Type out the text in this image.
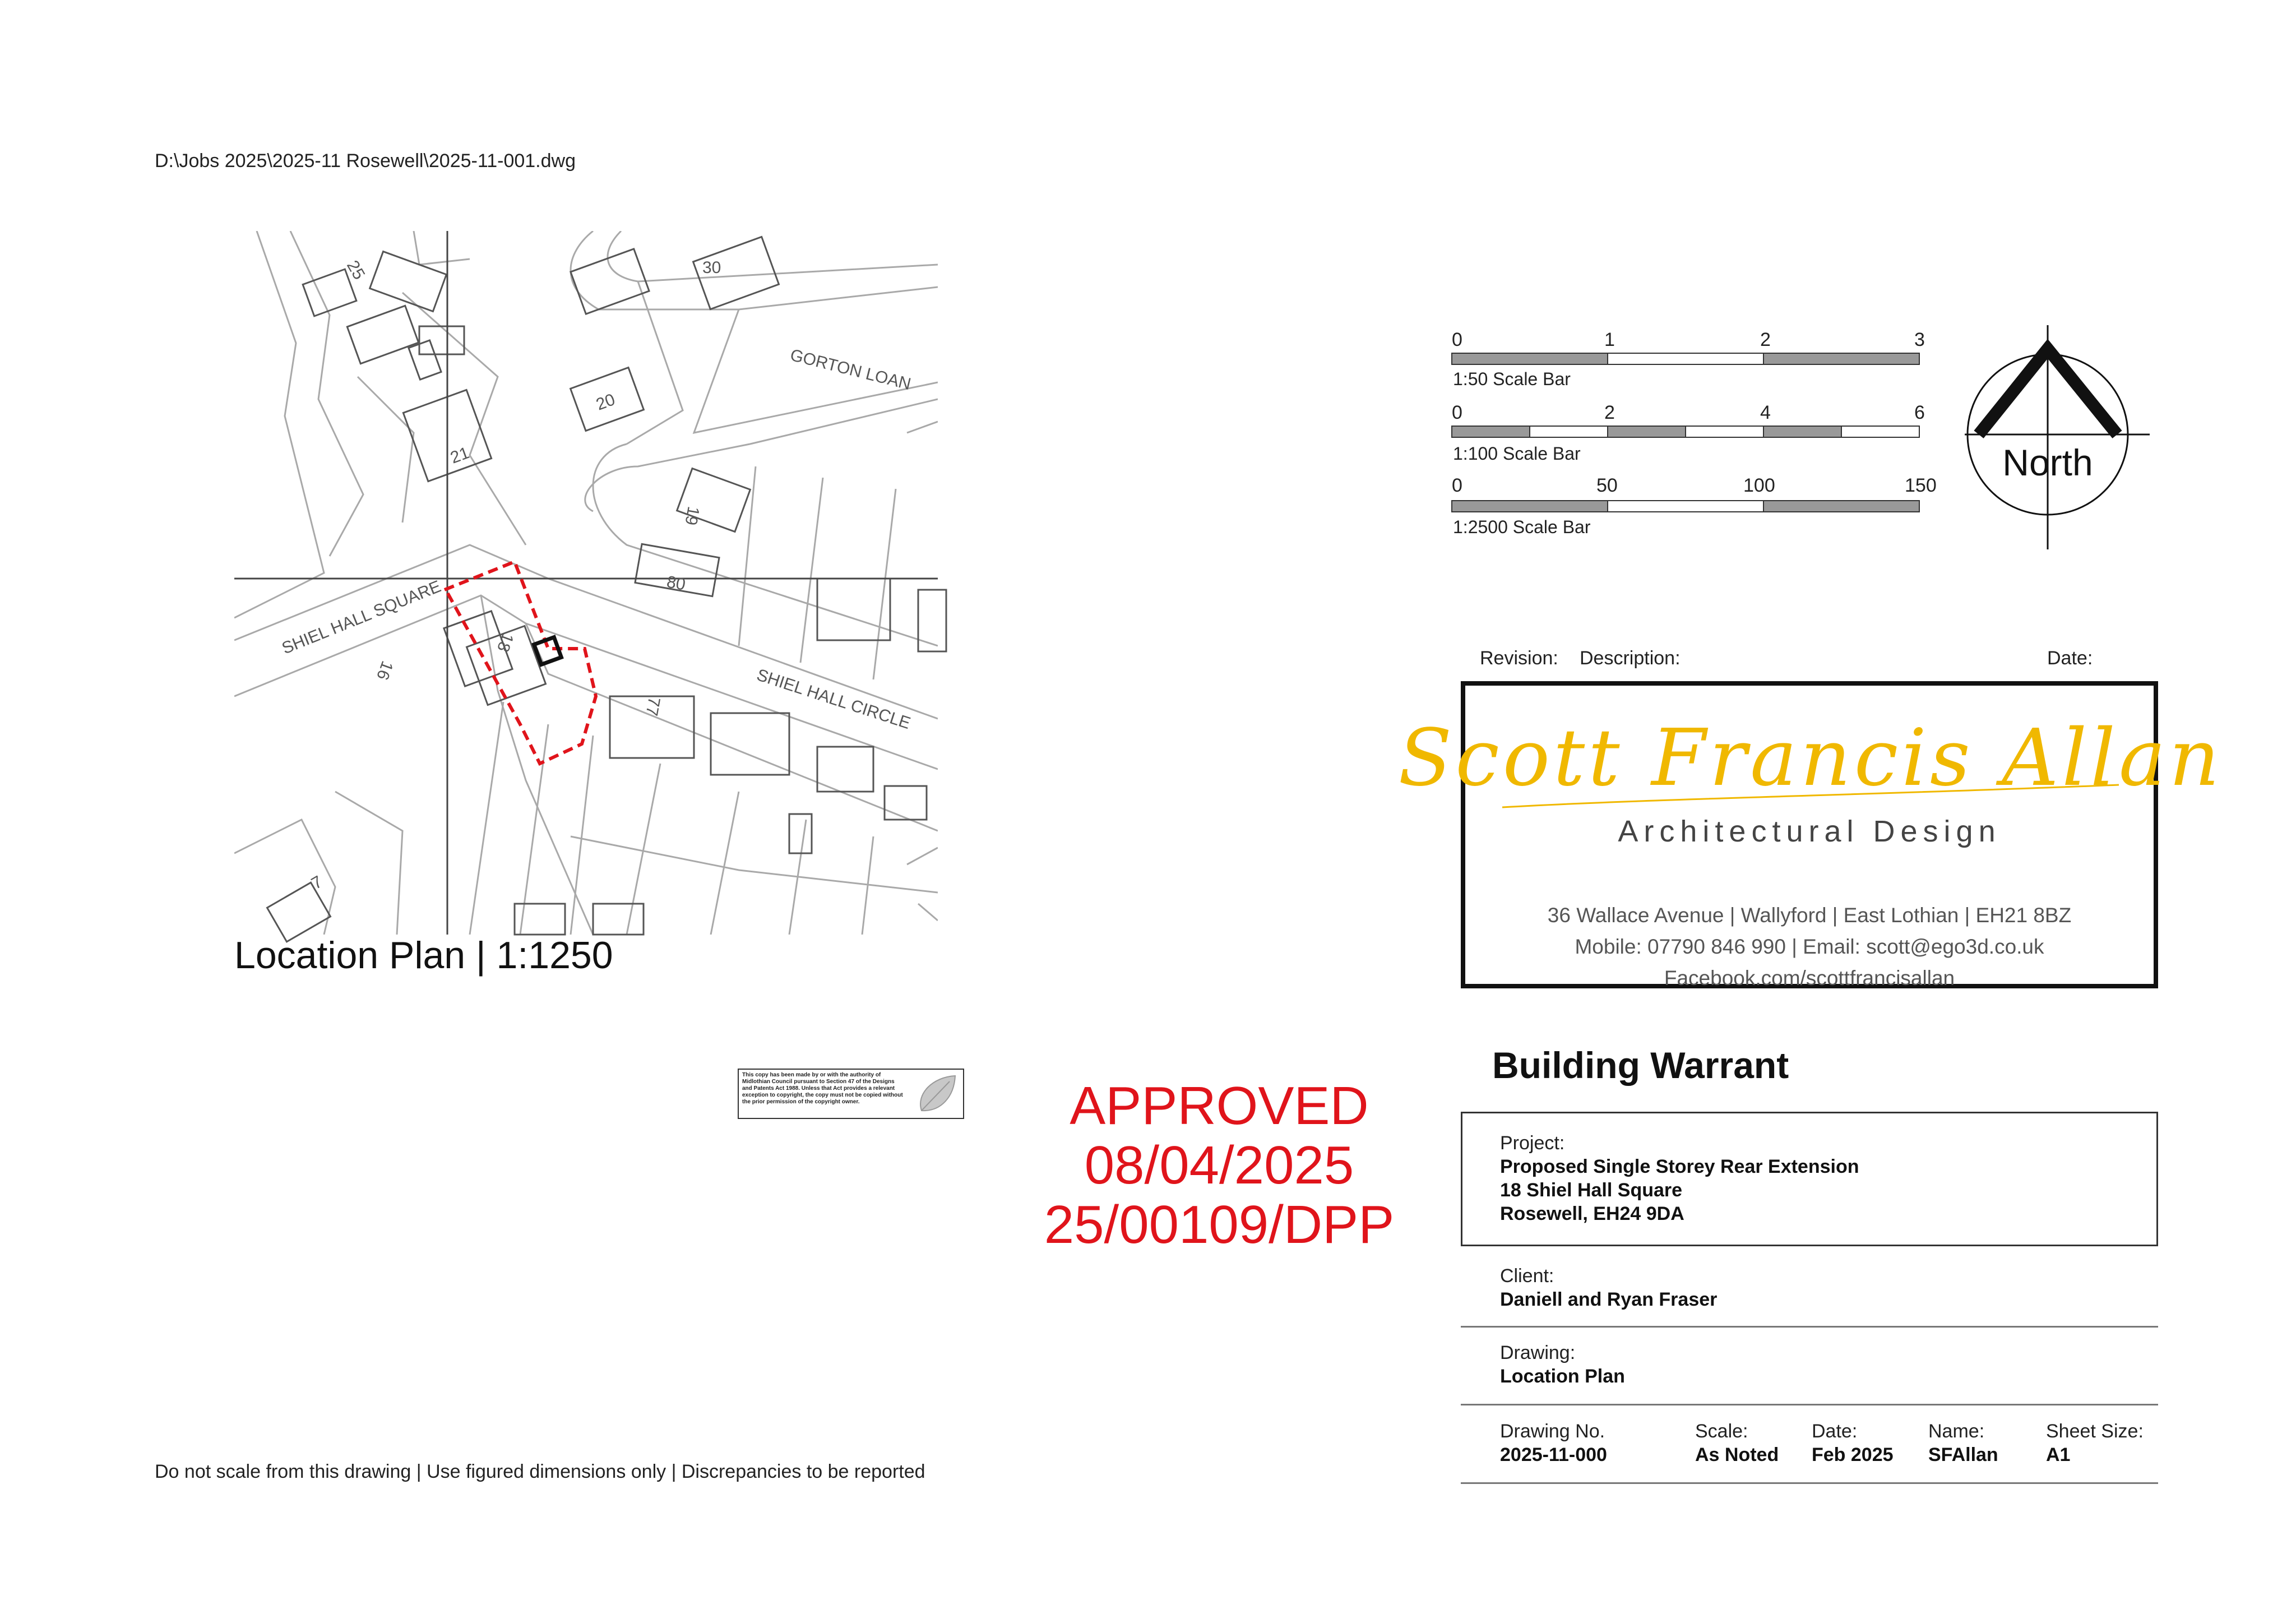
D:\Jobs 2025\2025-11 Rosewell\2025-11-001.dwg
GORTON LOAN
SHIEL HALL SQUARE
SHIEL HALL CIRCLE
25	30
20
21
19
80
18
16
77
7
Location Plan | 1:1250
This copy has been made by or with the authority of Midlothian Council pursuant to Section 47 of the Designs and Patents Act 1988. Unless that Act provides a relevant exception to copyright, the copy must not be copied without the prior permission of the copyright owner.	APPROVED
08/04/2025
25/00109/DPP
Do not scale from this drawing | Use figured dimensions only | Discrepancies to be reported
0	1	2	3
1:50 Scale Bar
0	2	4	6
1:100 Scale Bar
0	50	100	150
1:2500 Scale Bar
North
Revision: Description:	Date:
Scott Francis Allan
Architectural Design
36 Wallace Avenue | Wallyford | East Lothian | EH21 8BZ
Mobile: 07790 846 990 | Email: scott@ego3d.co.uk
Facebook.com/scottfrancisallan
Building Warrant
Project:
Proposed Single Storey Rear Extension
18 Shiel Hall Square
Rosewell, EH24 9DA
Client:
Daniell and Ryan Fraser
Drawing:
Location Plan
Drawing No.
2025-11-000
Scale:
As Noted
Date:
Feb 2025
Name:
SFAllan
Sheet Size:
A1
